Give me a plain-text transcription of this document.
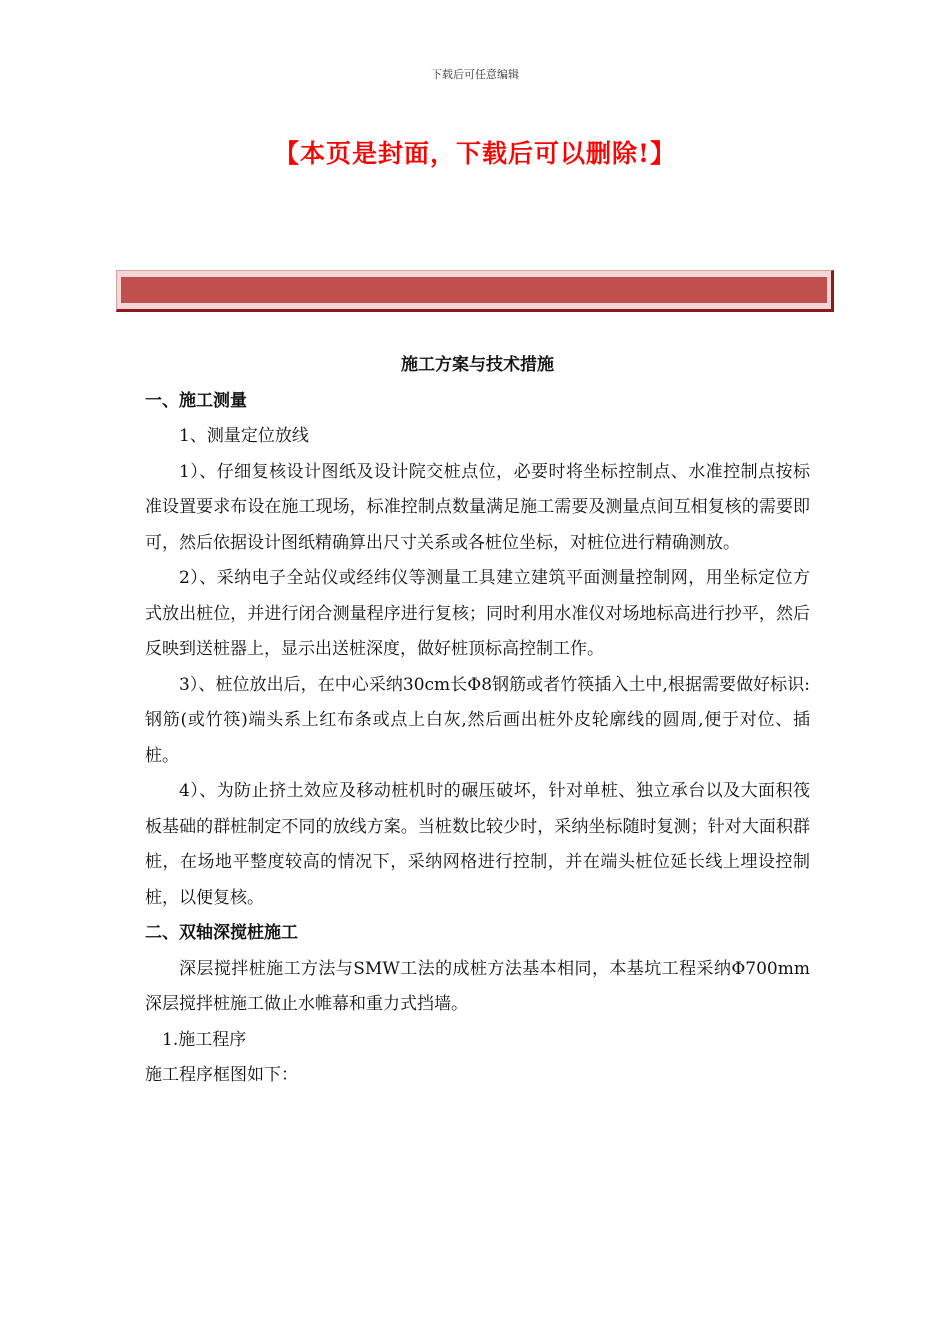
下载后可任意编辑
【本页是封面，下载后可以删除!】
施工方案与技术措施
一、施工测量

1、测量定位放线

1）、仔细复核设计图纸及设计院交桩点位，必要时将坐标控制点、水准控制点按标准设置要求布设在施工现场，标准控制点数量满足施工需要及测量点间互相复核的需要即可，然后依据设计图纸精确算出尺寸关系或各桩位坐标，对桩位进行精确测放。

2）、采纳电子全站仪或经纬仪等测量工具建立建筑平面测量控制网，用坐标定位方式放出桩位，并进行闭合测量程序进行复核；同时利用水准仪对场地标高进行抄平，然后反映到送桩器上，显示出送桩深度，做好桩顶标高控制工作。

3）、桩位放出后，在中心采纳30cm长Φ8钢筋或者竹筷插入土中,根据需要做好标识:钢筋(或竹筷)端头系上红布条或点上白灰,然后画出桩外皮轮廓线的圆周,便于对位、插桩。

4）、为防止挤土效应及移动桩机时的碾压破坏，针对单桩、独立承台以及大面积筏板基础的群桩制定不同的放线方案。当桩数比较少时，采纳坐标随时复测；针对大面积群桩，在场地平整度较高的情况下，采纳网格进行控制，并在端头桩位延长线上埋设控制桩，以便复核。

二、双轴深搅桩施工

深层搅拌桩施工方法与SMW工法的成桩方法基本相同，本基坑工程采纳Φ700mm深层搅拌桩施工做止水帷幕和重力式挡墙。

1.施工程序

施工程序框图如下：
